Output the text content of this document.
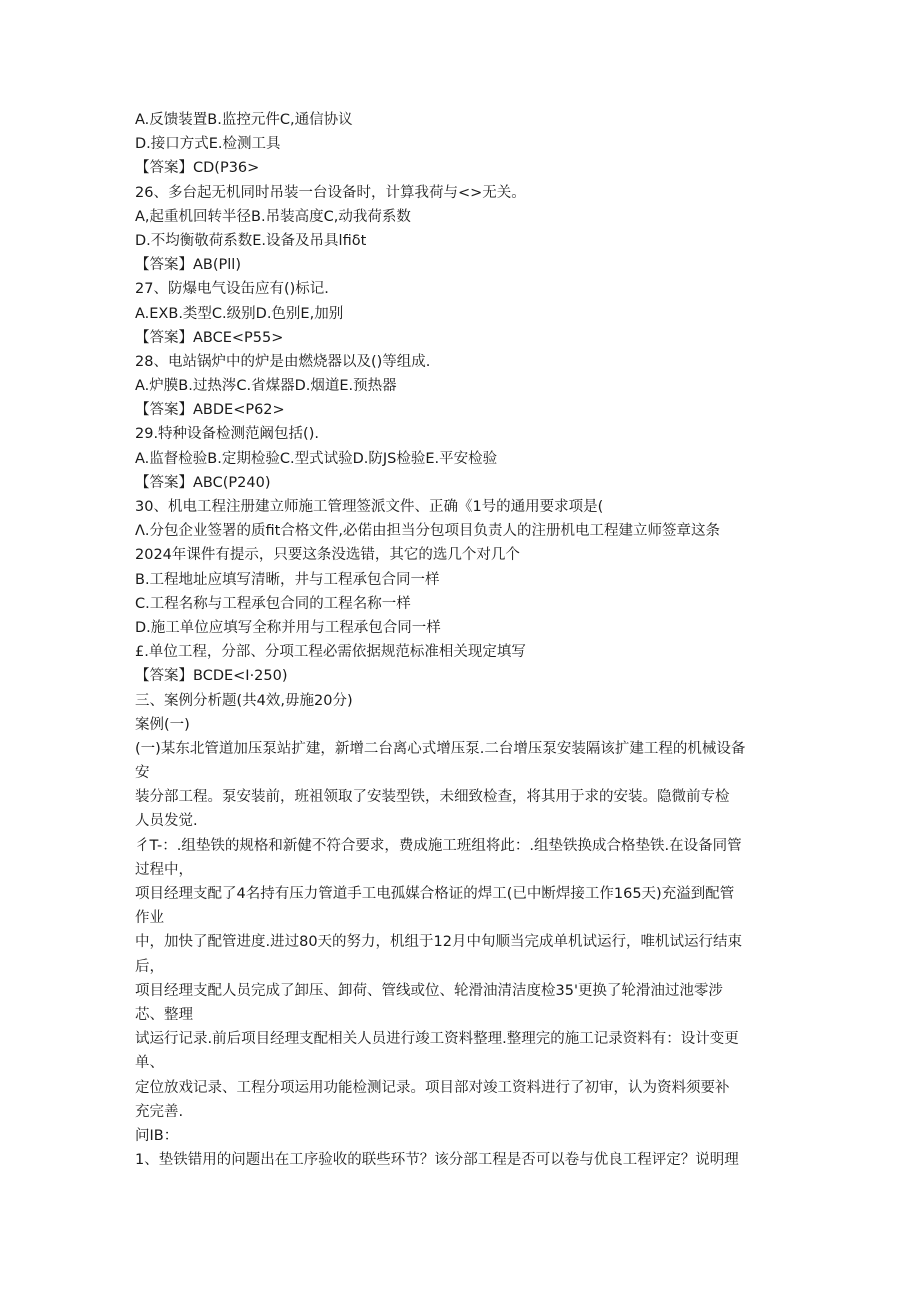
A.反馈装置B.监控元件C,通信协议
D.接口方式E.检测工具
【答案】CD(P36>
26、多台起无机同时吊装一台设备时，计算我荷与<>无关。
A,起重机回转半径B.吊装高度C,动我荷系数
D.不均衡敬荷系数E.设备及吊具lfiδt
【答案】AB(Pll)
27、防爆电气设缶应有()标记.
A.EXB.类型C.级别D.色别E,加别
【答案】ABCE<P55>
28、电站锅炉中的炉是由燃烧器以及()等组成.
A.炉膜B.过热涔C.省煤器D.烟道E.预热器
【答案】ABDE<P62>
29.特种设备检测范阚包括().
A.监督检验B.定期检验C.型式试验D.防JS检验E.平安检验
【答案】ABC(P240)
30、机电工程注册建立师施工管理签派文件、正确《1号的通用要求项是(
Λ.分包企业签署的质fit合格文件,必偌由担当分包项目负责人的注册机电工程建立师签章这条
2024年课件有提示，只要这条没选错，其它的选几个对几个
B.工程地址应填写清晰，井与工程承包合同一样
C.工程名称与工程承包合同的工程名称一样
D.施工单位应填写全称并用与工程承包合同一样
£.单位工程，分部、分项工程必需依据规范标准相关现定填写
【答案】BCDE<I·250)
三、案例分析题(共4效,毋施20分)
案例(一)
(一)某东北管道加压泵站扩建，新增二台离心式增压泵.二台增压泵安装隔该扩建工程的机械设备
安
装分部工程。泵安装前，班祖领取了安装型铁，未细致检查，将其用于求的安装。隐微前专检
人员发觉.
彳T-：.组垫铁的规格和新健不符合要求，费成施工班组将此：.组垫铁换成合格垫铁.在设备同管
过程中，
项目经理支配了4名持有压力管道手工电孤媒合格证的焊工(已中断焊接工作165天)充溢到配管
作业
中，加快了配管进度.进过80天的努力，机组于12月中旬顺当完成单机试运行，唯机试运行结束
后，
项目经理支配人员完成了卸压、卸荷、管线或位、轮滑油清洁度检35'更换了轮滑油过池零涉
芯、整理
试运行记录.前后项目经理支配相关人员进行竣工资料整理.整理完的施工记录资料有：设计变更
单、
定位放戏记录、工程分项运用功能检测记录。项目部对竣工资料进行了初审，认为资料须要补
充完善.
问IB：
1、垫铁错用的问题出在工序验收的联些环节？该分部工程是否可以卷与优良工程评定？说明理
